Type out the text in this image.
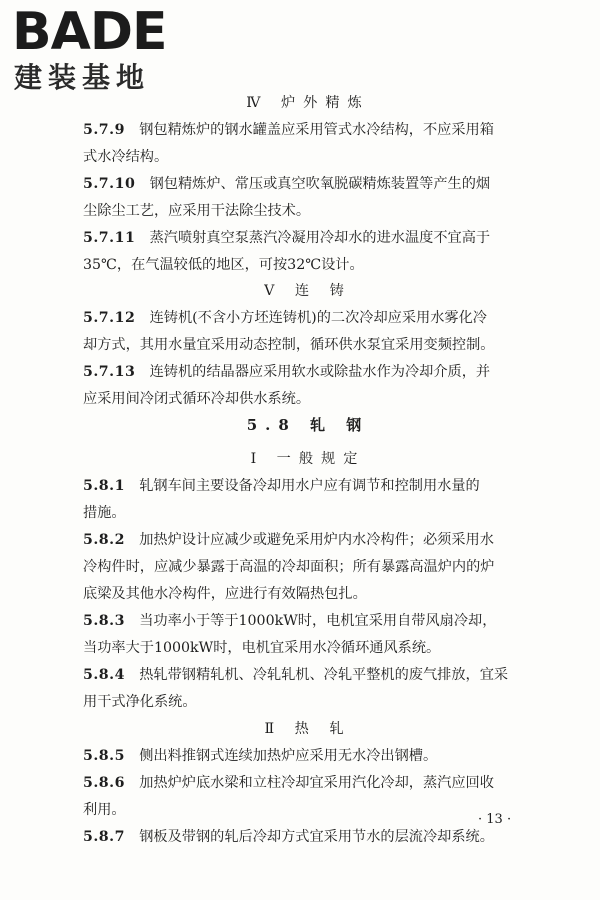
BADE
建装基地
Ⅳ 炉外精炼
5.7.9  钢包精炼炉的钢水罐盖应采用管式水冷结构，不应采用箱
式水冷结构。
5.7.10  钢包精炼炉、常压或真空吹氧脱碳精炼装置等产生的烟
尘除尘工艺，应采用干法除尘技术。
5.7.11  蒸汽喷射真空泵蒸汽冷凝用冷却水的进水温度不宜高于
35℃，在气温较低的地区，可按32℃设计。
Ⅴ 连 铸
5.7.12  连铸机(不含小方坯连铸机)的二次冷却应采用水雾化冷
却方式，其用水量宜采用动态控制，循环供水泵宜采用变频控制。
5.7.13  连铸机的结晶器应采用软水或除盐水作为冷却介质，并
应采用间冷闭式循环冷却供水系统。
5.8 轧 钢
Ⅰ 一般规定
5.8.1  轧钢车间主要设备冷却用水户应有调节和控制用水量的
措施。
5.8.2  加热炉设计应减少或避免采用炉内水冷构件；必须采用水
冷构件时，应减少暴露于高温的冷却面积；所有暴露高温炉内的炉
底梁及其他水冷构件，应进行有效隔热包扎。
5.8.3  当功率小于等于1000kW时，电机宜采用自带风扇冷却，
当功率大于1000kW时，电机宜采用水冷循环通风系统。
5.8.4  热轧带钢精轧机、冷轧轧机、冷轧平整机的废气排放，宜采
用干式净化系统。
Ⅱ 热 轧
5.8.5  侧出料推钢式连续加热炉应采用无水冷出钢槽。
5.8.6  加热炉炉底水梁和立柱冷却宜采用汽化冷却，蒸汽应回收
利用。
5.8.7  钢板及带钢的轧后冷却方式宜采用节水的层流冷却系统。
· 13 ·
